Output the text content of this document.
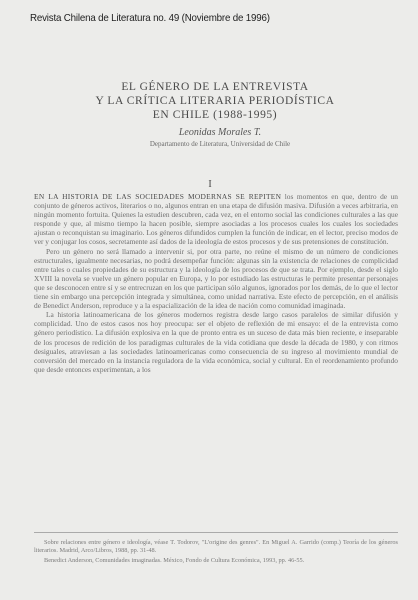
Revista Chilena de Literatura no. 49 (Noviembre de 1996)
EL GÉNERO DE LA ENTREVISTA
Y LA CRÍTICA LITERARIA PERIODÍSTICA
EN CHILE (1988-1995)
Leonidas Morales T.
Departamento de Literatura, Universidad de Chile
I

EN LA HISTORIA DE LAS SOCIEDADES MODERNAS SE REPITEN los momentos en que, dentro de un conjunto de géneros activos, literarios o no, algunos entran en una etapa de difusión masiva. Difusión a veces arbitraria, en ningún momento fortuita. Quienes la estudien descubren, cada vez, en el entorno social las condiciones culturales a las que responde y que, al mismo tiempo la hacen posible, siempre asociadas a los procesos cuales los cuales los sociedades ajustan o reconquistan su imaginario. Los géneros difundidos cumplen la función de indicar, en el lector, preciso modos de ver y conjugar los cosos, secretamente así dados de la ideología de estos procesos y de sus pretensiones de constitución.

Pero un género no será llamado a intervenir si, por otra parte, no reúne el mismo de un número de condiciones estructurales, igualmente necesarias, no podrá desempeñar función: algunas sin la existencia de relaciones de complicidad entre tales o cuales propiedades de su estructura y la ideología de los procesos de que se trata. Por ejemplo, desde el siglo XVIII la novela se vuelve un género popular en Europa, y lo por estudiado las estructuras le permite presentar personajes que se desconocen entre sí y se entrecruzan en los que participan sólo algunos, ignorados por los demás, de lo que el lector tiene sin embargo una percepción integrada y simultánea, como unidad narrativa. Este efecto de percepción, en el análisis de Benedict Anderson, reproduce y a la espacialización de la idea de nación como comunidad imaginada.

La historia latinoamericana de los géneros modernos registra desde largo casos paralelos de similar difusión y complicidad. Uno de estos casos nos hoy preocupa: ser el objeto de reflexión de mi ensayo: el de la entrevista como género periodístico. La difusión explosiva en la que de pronto entra es un suceso de data más bien reciente, e inseparable de los procesos de redición de los paradigmas culturales de la vida cotidiana que desde la década de 1980, y con ritmos desiguales, atraviesan a las sociedades latinoamericanas como consecuencia de su ingreso al movimiento mundial de conversión del mercado en la instancia reguladora de la vida económica, social y cultural. En el reordenamiento profundo que desde entonces experimentan, a los

Sobre relaciones entre género e ideología, véase T. Todorov, "L'origine des genres". En Miguel A. Garrido (comp.) Teoría de los géneros literarios. Madrid, Arco/Libros, 1988, pp. 31-48.

Benedict Anderson, Comunidades imaginadas. México, Fondo de Cultura Económica, 1993, pp. 46-55.
